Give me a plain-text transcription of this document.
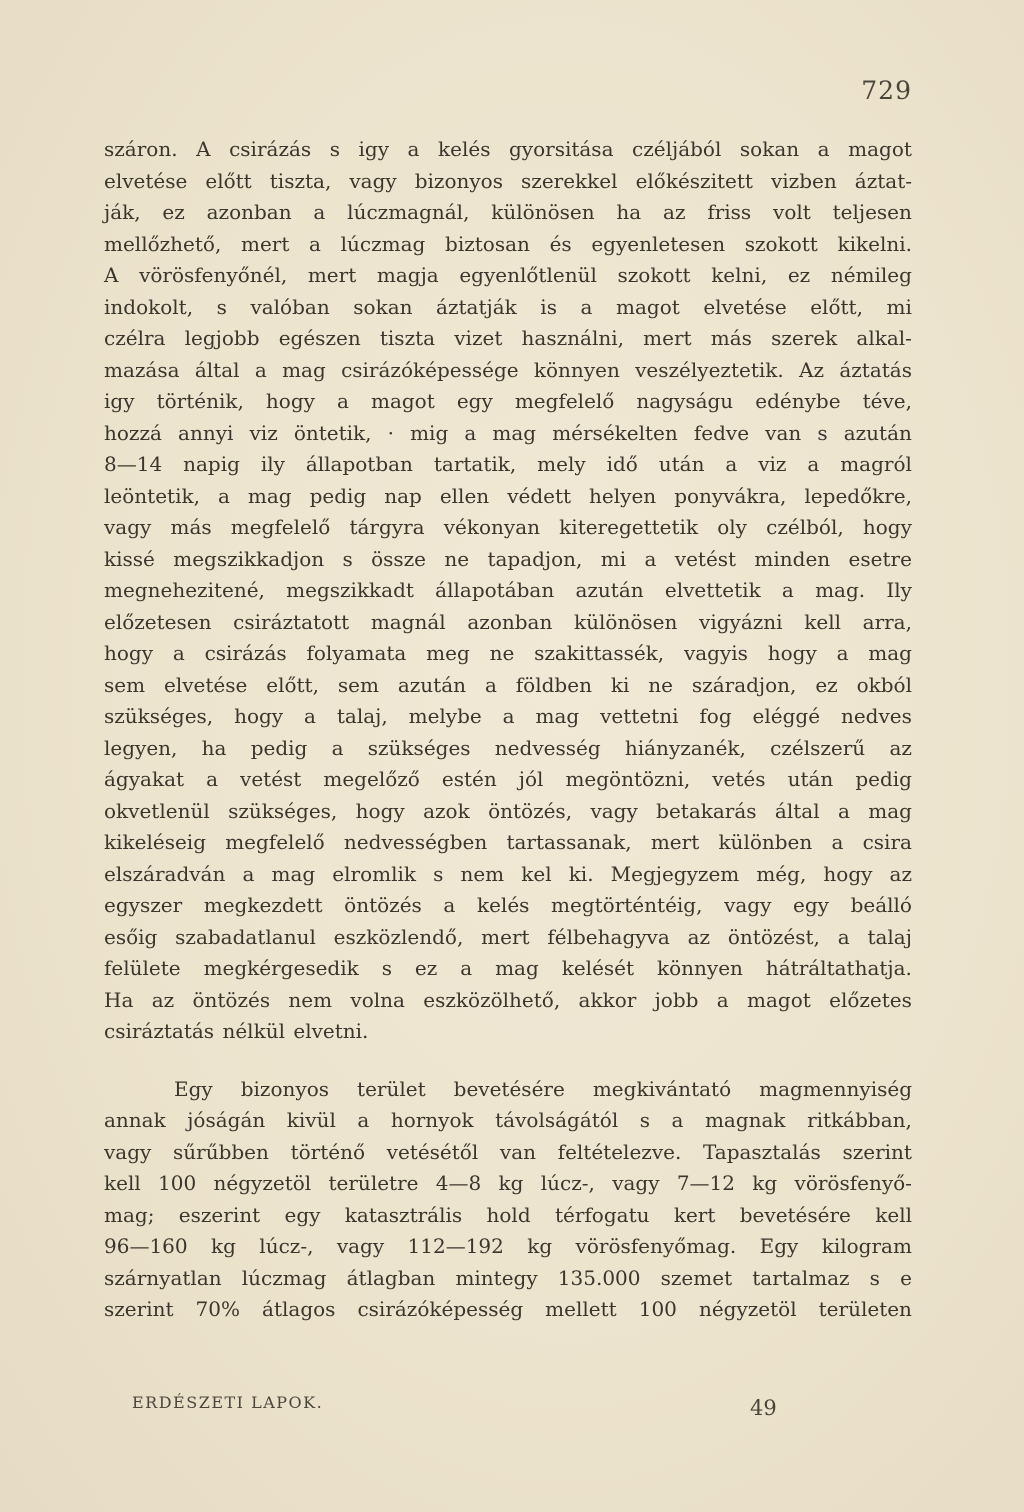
729
száron. A csirázás s igy a kelés gyorsitása czéljából sokan a magot
elvetése előtt tiszta, vagy bizonyos szerekkel előkészitett vizben áztat-
ják, ez azonban a lúczmagnál, különösen ha az friss volt teljesen
mellőzhető, mert a lúczmag biztosan és egyenletesen szokott kikelni.
A vörösfenyőnél, mert magja egyenlőtlenül szokott kelni, ez némileg
indokolt, s valóban sokan áztatják is a magot elvetése előtt, mi
czélra legjobb egészen tiszta vizet használni, mert más szerek alkal-
mazása által a mag csirázóképessége könnyen veszélyeztetik. Az áztatás
igy történik, hogy a magot egy megfelelő nagyságu edénybe téve,
hozzá annyi viz öntetik, · mig a mag mérsékelten fedve van s azután
8—14 napig ily állapotban tartatik, mely idő után a viz a magról
leöntetik, a mag pedig nap ellen védett helyen ponyvákra, lepedőkre,
vagy más megfelelő tárgyra vékonyan kiteregettetik oly czélból, hogy
kissé megszikkadjon s össze ne tapadjon, mi a vetést minden esetre
megnehezitené, megszikkadt állapotában azután elvettetik a mag. Ily
előzetesen csiráztatott magnál azonban különösen vigyázni kell arra,
hogy a csirázás folyamata meg ne szakittassék, vagyis hogy a mag
sem elvetése előtt, sem azután a földben ki ne száradjon, ez okból
szükséges, hogy a talaj, melybe a mag vettetni fog eléggé nedves
legyen, ha pedig a szükséges nedvesség hiányzanék, czélszerű az
ágyakat a vetést megelőző estén jól megöntözni, vetés után pedig
okvetlenül szükséges, hogy azok öntözés, vagy betakarás által a mag
kikeléseig megfelelő nedvességben tartassanak, mert különben a csira
elszáradván a mag elromlik s nem kel ki. Megjegyzem még, hogy az
egyszer megkezdett öntözés a kelés megtörténtéig, vagy egy beálló
esőig szabadatlanul eszközlendő, mert félbehagyva az öntözést, a talaj
felülete megkérgesedik s ez a mag kelését könnyen hátráltathatja.
Ha az öntözés nem volna eszközölhető, akkor jobb a magot előzetes
csiráztatás nélkül elvetni.
Egy bizonyos terület bevetésére megkivántató magmennyiség
annak jóságán kivül a hornyok távolságától s a magnak ritkábban,
vagy sűrűbben történő vetésétől van feltételezve. Tapasztalás szerint
kell 100 négyzetöl területre 4—8 kg lúcz-, vagy 7—12 kg vörösfenyő-
mag; eszerint egy katasztrális hold térfogatu kert bevetésére kell
96—160 kg lúcz-, vagy 112—192 kg vörösfenyőmag. Egy kilogram
szárnyatlan lúczmag átlagban mintegy 135.000 szemet tartalmaz s e
szerint 70% átlagos csirázóképesség mellett 100 négyzetöl területen
ERDÉSZETI LAPOK.	49
